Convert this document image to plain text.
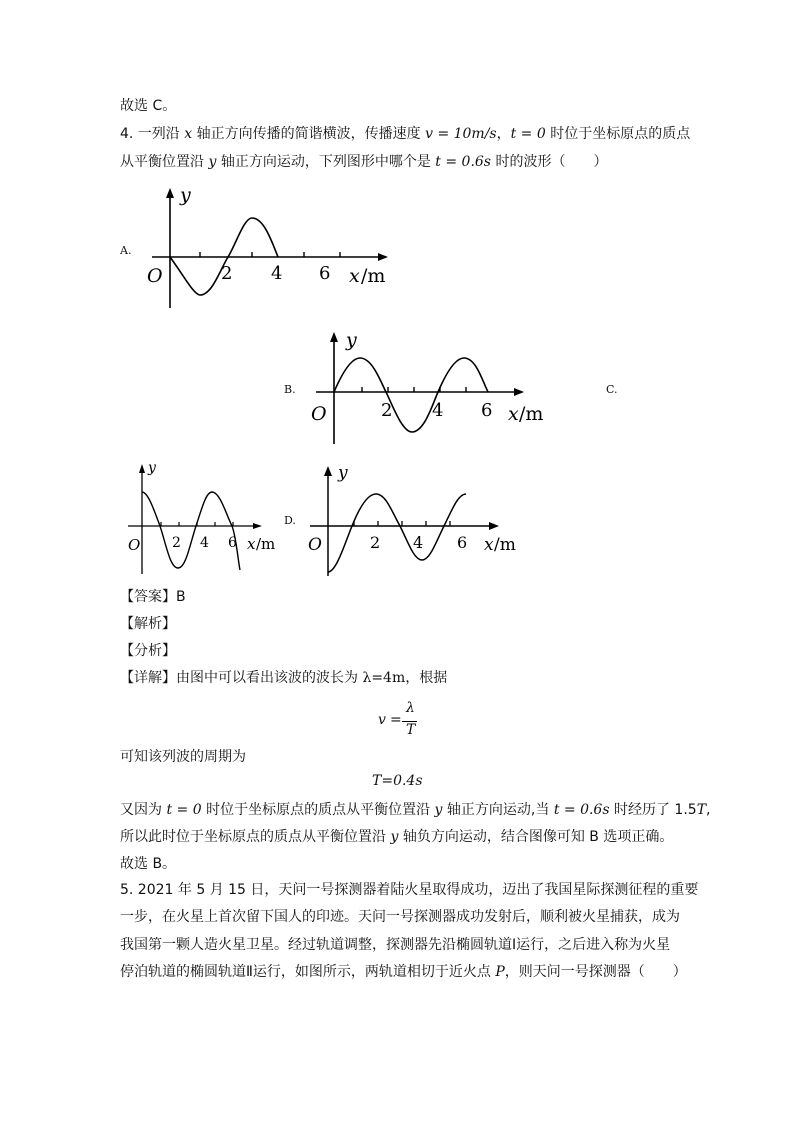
故选 C。
4. 一列沿 x 轴正方向传播的简谐横波，传播速度 v = 10m/s，t = 0 时位于坐标原点的质点
从平衡位置沿 y 轴正方向运动，下列图形中哪个是 t = 0.6s 时的波形（　　）
A.
B.	C.
D.
y
O	2 4 6 x /m
y
O	2 4 6 x /m
y
O 2 4 6 x /m
y
O	2 4 6 x /m
【答案】B
【解析】
【分析】
【详解】由图中可以看出该波的波长为 λ=4m，根据
v =
λ
T
可知该列波的周期为
T=0.4s
又因为 t = 0 时位于坐标原点的质点从平衡位置沿 y 轴正方向运动,当 t = 0.6s 时经历了 1.5T,
所以此时位于坐标原点的质点从平衡位置沿 y 轴负方向运动，结合图像可知 B 选项正确。
故选 B。
5. 2021 年 5 月 15 日，天问一号探测器着陆火星取得成功，迈出了我国星际探测征程的重要
一步，在火星上首次留下国人的印迹。天问一号探测器成功发射后，顺利被火星捕获，成为
我国第一颗人造火星卫星。经过轨道调整，探测器先沿椭圆轨道Ⅰ运行，之后进入称为火星
停泊轨道的椭圆轨道Ⅱ运行，如图所示，两轨道相切于近火点 P，则天问一号探测器（　　）
